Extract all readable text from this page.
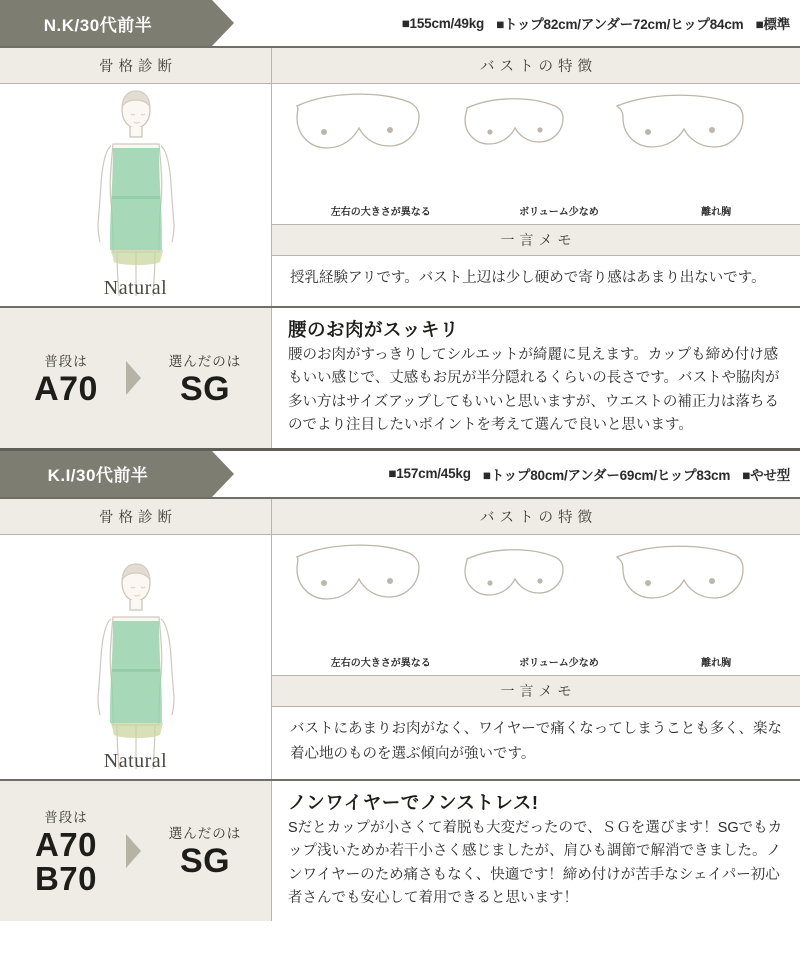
N.K/30代前半	■155cm/49kg ■トップ82cm/アンダー72cm/ヒップ84cm ■標準
骨格診断
Natural
バストの特徴
左右の大きさが異なる	ボリューム少なめ	離れ胸
一言メモ
授乳経験アリです。バスト上辺は少し硬めで寄り感はあまり出ないです。
普段は
A70
選んだのは
SG
腰のお肉がスッキリ
腰のお肉がすっきりしてシルエットが綺麗に見えます。カップも締め付け感もいい感じで、丈感もお尻が半分隠れるくらいの長さです。バストや脇肉が多い方はサイズアップしてもいいと思いますが、ウエストの補正力は落ちるのでより注目したいポイントを考えて選んで良いと思います。
K.I/30代前半	■157cm/45kg ■トップ80cm/アンダー69cm/ヒップ83cm ■やせ型
骨格診断
Natural
バストの特徴
左右の大きさが異なる	ボリューム少なめ	離れ胸
一言メモ
バストにあまりお肉がなく、ワイヤーで痛くなってしまうことも多く、楽な着心地のものを選ぶ傾向が強いです。
普段は
A70
B70
選んだのは
SG
ノンワイヤーでノンストレス!
Sだとカップが小さくて着脱も大変だったので、ＳＧを選びます！SGでもカップ浅いためか若干小さく感じましたが、肩ひも調節で解消できました。ノンワイヤーのため痛さもなく、快適です！締め付けが苦手なシェイパー初心者さんでも安心して着用できると思います！
